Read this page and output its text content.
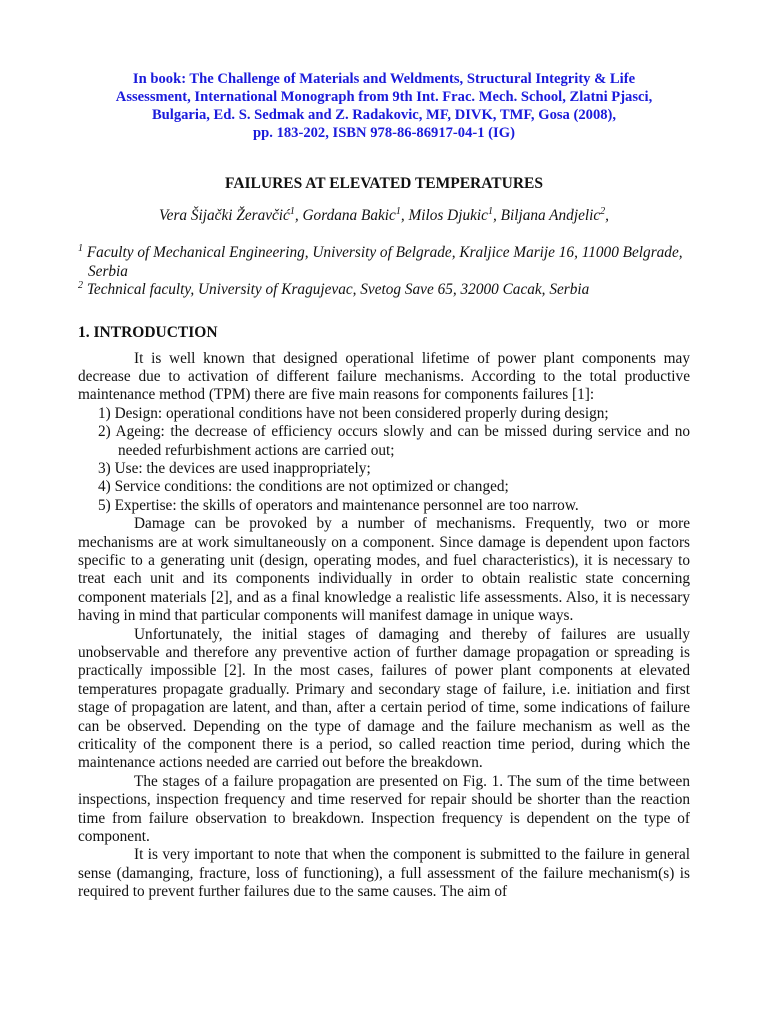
In book: The Challenge of Materials and Weldments, Structural Integrity & Life
Assessment, International Monograph from 9th Int. Frac. Mech. School, Zlatni Pjasci,
Bulgaria, Ed. S. Sedmak and Z. Radakovic, MF, DIVK, TMF, Gosa (2008),
pp. 183-202, ISBN 978-86-86917-04-1 (IG)
FAILURES AT ELEVATED TEMPERATURES

Vera Šijački Žeravčić$^1$, Gordana Bakic$^1$, Milos Djukic$^1$, Biljana Andjelic$^2$,

$^1$ Faculty of Mechanical Engineering, University of Belgrade, Kraljice Marije 16, 11000 Belgrade, Serbia

$^2$ Technical faculty, University of Kragujevac, Svetog Save 65, 32000 Cacak, Serbia

1. INTRODUCTION

It is well known that designed operational lifetime of power plant components may decrease due to activation of different failure mechanisms. According to the total productive maintenance method (TPM) there are five main reasons for components failures [1]:

1) Design: operational conditions have not been considered properly during design;

2) Ageing: the decrease of efficiency occurs slowly and can be missed during service and no needed refurbishment actions are carried out;

3) Use: the devices are used inappropriately;

4) Service conditions: the conditions are not optimized or changed;

5) Expertise: the skills of operators and maintenance personnel are too narrow.

Damage can be provoked by a number of mechanisms. Frequently, two or more mechanisms are at work simultaneously on a component. Since damage is dependent upon factors specific to a generating unit (design, operating modes, and fuel characteristics), it is necessary to treat each unit and its components individually in order to obtain realistic state concerning component materials [2], and as a final knowledge a realistic life assessments. Also, it is necessary having in mind that particular components will manifest damage in unique ways.

Unfortunately, the initial stages of damaging and thereby of failures are usually unobservable and therefore any preventive action of further damage propagation or spreading is practically impossible [2]. In the most cases, failures of power plant components at elevated temperatures propagate gradually. Primary and secondary stage of failure, i.e. initiation and first stage of propagation are latent, and than, after a certain period of time, some indications of failure can be observed. Depending on the type of damage and the failure mechanism as well as the criticality of the component there is a period, so called reaction time period, during which the maintenance actions needed are carried out before the breakdown.

The stages of a failure propagation are presented on Fig. 1. The sum of the time between inspections, inspection frequency and time reserved for repair should be shorter than the reaction time from failure observation to breakdown. Inspection frequency is dependent on the type of component.

It is very important to note that when the component is submitted to the failure in general sense (damanging, fracture, loss of functioning), a full assessment of the failure mechanism(s) is required to prevent further failures due to the same causes. The aim of
